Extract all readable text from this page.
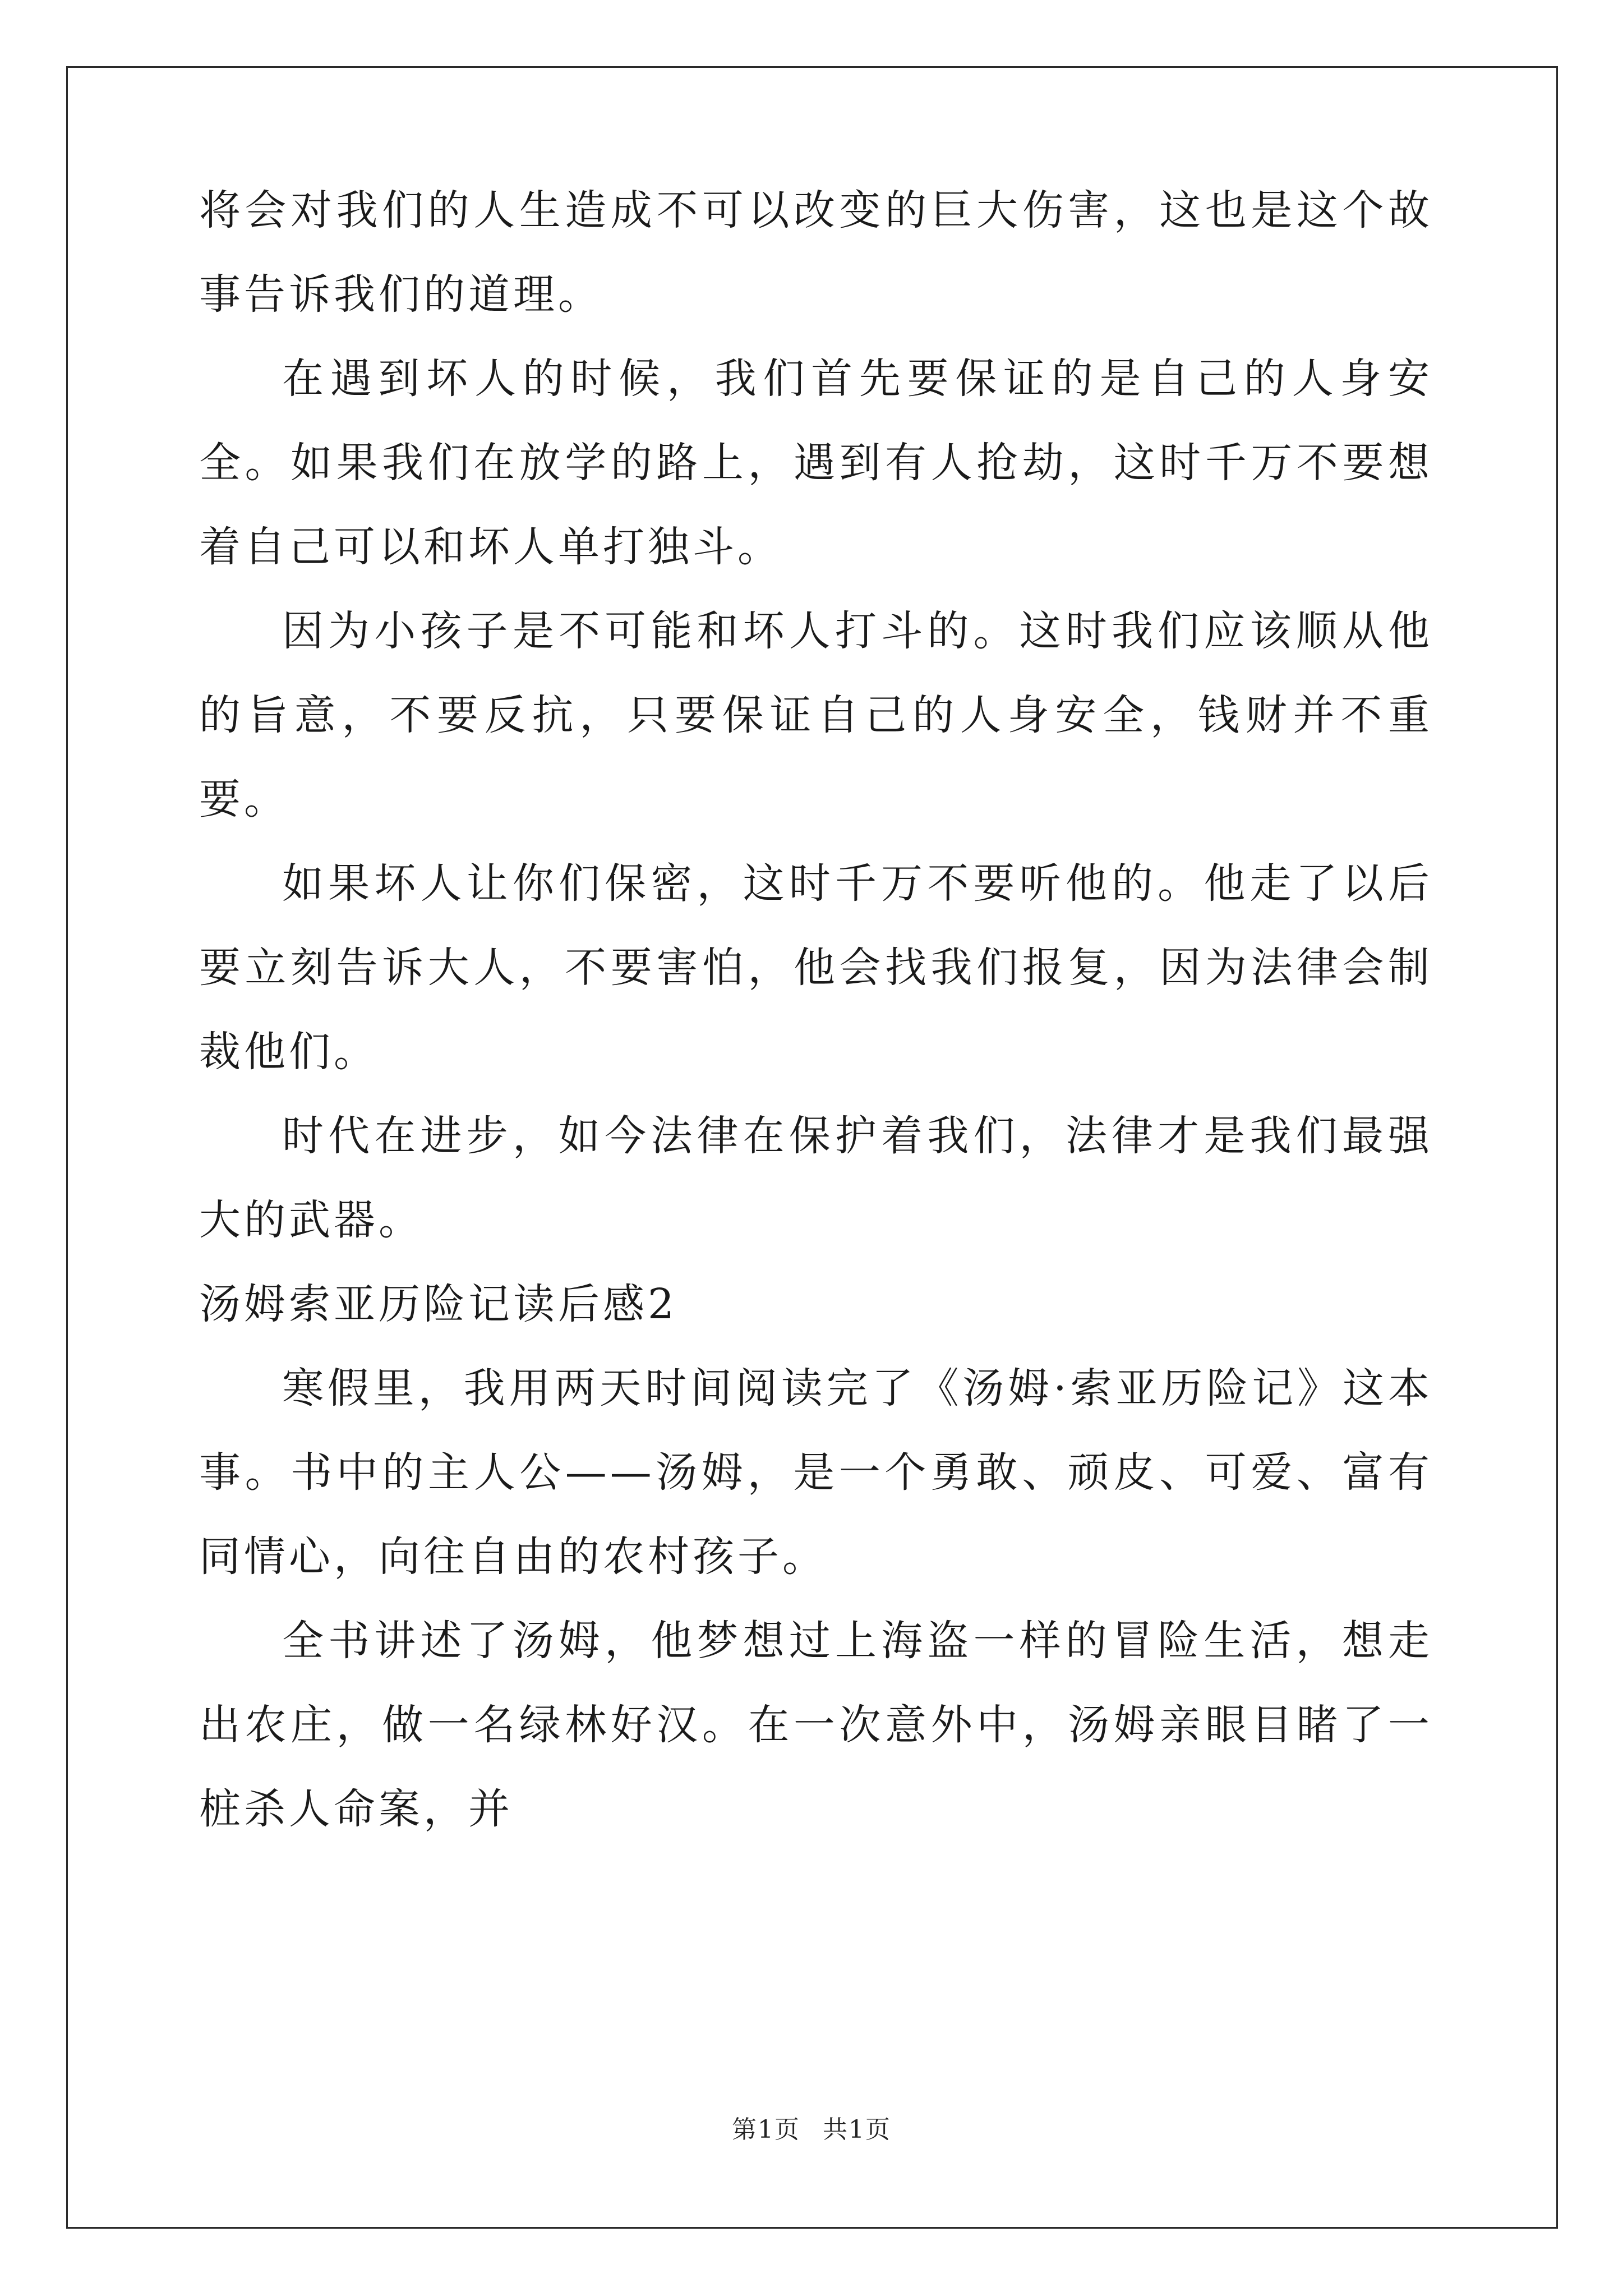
将会对我们的人生造成不可以改变的巨大伤害，这也是这个故事告诉我们的道理。

在遇到坏人的时候，我们首先要保证的是自己的人身安全。如果我们在放学的路上，遇到有人抢劫，这时千万不要想着自己可以和坏人单打独斗。

因为小孩子是不可能和坏人打斗的。这时我们应该顺从他的旨意，不要反抗，只要保证自己的人身安全，钱财并不重要。

如果坏人让你们保密，这时千万不要听他的。他走了以后要立刻告诉大人，不要害怕，他会找我们报复，因为法律会制裁他们。

时代在进步，如今法律在保护着我们，法律才是我们最强大的武器。

汤姆索亚历险记读后感2

寒假里，我用两天时间阅读完了《汤姆·索亚历险记》这本事。书中的主人公——汤姆，是一个勇敢、顽皮、可爱、富有同情心，向往自由的农村孩子。

全书讲述了汤姆，他梦想过上海盗一样的冒险生活，想走出农庄，做一名绿林好汉。在一次意外中，汤姆亲眼目睹了一桩杀人命案，并

第1页 共1页
